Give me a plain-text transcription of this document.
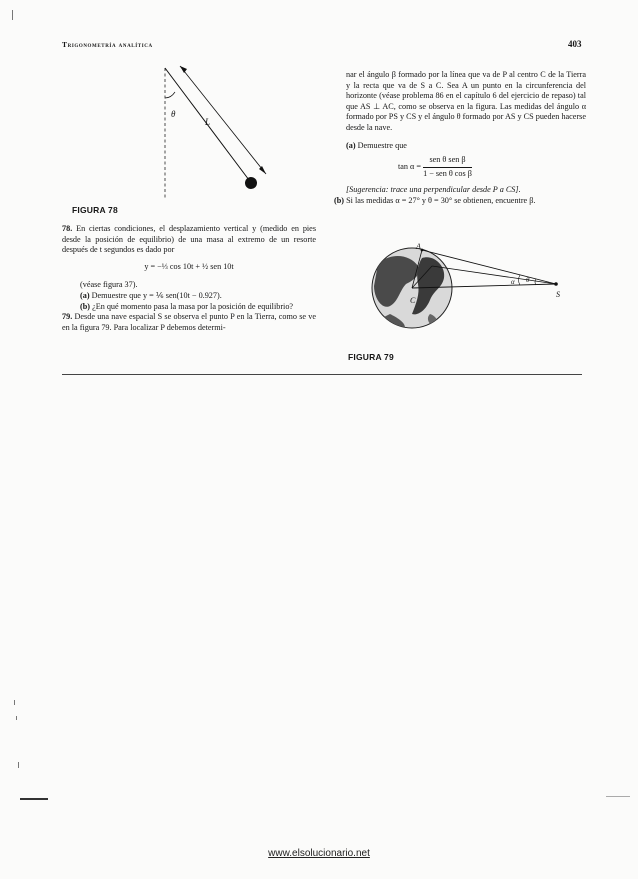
Trigonometría analítica	403
θ
L
FIGURA 78

78. En ciertas condiciones, el desplazamiento vertical y (medido en pies desde la posición de equilibrio) de una masa al extremo de un resorte después de t segundos es dado por

y = −⅓ cos 10t + ½ sen 10t

(véase figura 37).

(a) Demuestre que y = ⅙ sen(10t − 0.927).

(b) ¿En qué momento pasa la masa por la posición de equilibrio?

79. Desde una nave espacial S se observa el punto P en la Tierra, como se ve en la figura 79. Para localizar P debemos determi-

nar el ángulo β formado por la línea que va de P al centro C de la Tierra y la recta que va de S a C. Sea A un punto en la circunferencia del horizonte (véase problema 86 en el capítulo 6 del ejercicio de repaso) tal que AS ⊥ AC, como se observa en la figura. Las medidas del ángulo α formado por PS y CS y el ángulo θ formado por AS y CS pueden hacerse desde la nave.

(a) Demuestre que

$\tan \alpha = \frac{\text{sen θ sen β}}{\text{1 − sen θ cos β}}$

[Sugerencia: trace una perpendicular desde P a CS].

(b) Si las medidas α = 27° y θ = 30° se obtienen, encuentre β.

A
C
S
α θ
FIGURA 79
www.elsolucionario.net
